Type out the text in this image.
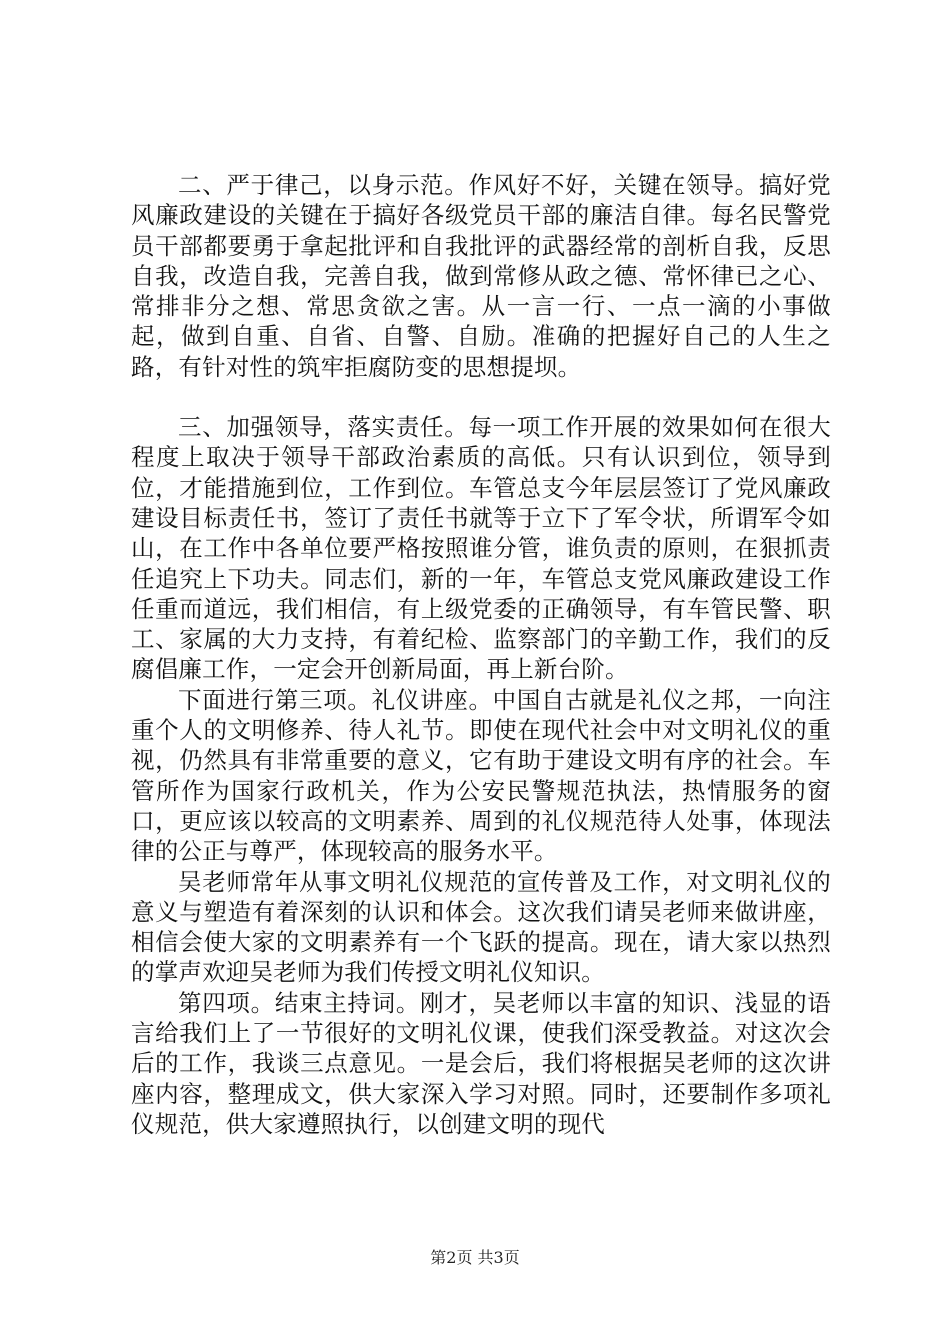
二、严于律己，以身示范。作风好不好，关键在领导。搞好党风廉政建设的关键在于搞好各级党员干部的廉洁自律。每名民警党员干部都要勇于拿起批评和自我批评的武器经常的剖析自我，反思自我，改造自我，完善自我，做到常修从政之德、常怀律已之心、常排非分之想、常思贪欲之害。从一言一行、一点一滴的小事做起，做到自重、自省、自警、自励。准确的把握好自己的人生之路，有针对性的筑牢拒腐防变的思想提坝。

三、加强领导，落实责任。每一项工作开展的效果如何在很大程度上取决于领导干部政治素质的高低。只有认识到位，领导到位，才能措施到位，工作到位。车管总支今年层层签订了党风廉政建设目标责任书，签订了责任书就等于立下了军令状，所谓军令如山，在工作中各单位要严格按照谁分管，谁负责的原则，在狠抓责任追究上下功夫。同志们，新的一年，车管总支党风廉政建设工作任重而道远，我们相信，有上级党委的正确领导，有车管民警、职工、家属的大力支持，有着纪检、监察部门的辛勤工作，我们的反腐倡廉工作，一定会开创新局面，再上新台阶。

下面进行第三项。礼仪讲座。中国自古就是礼仪之邦，一向注重个人的文明修养、待人礼节。即使在现代社会中对文明礼仪的重视，仍然具有非常重要的意义，它有助于建设文明有序的社会。车管所作为国家行政机关，作为公安民警规范执法，热情服务的窗口，更应该以较高的文明素养、周到的礼仪规范待人处事，体现法律的公正与尊严，体现较高的服务水平。

吴老师常年从事文明礼仪规范的宣传普及工作，对文明礼仪的意义与塑造有着深刻的认识和体会。这次我们请吴老师来做讲座，相信会使大家的文明素养有一个飞跃的提高。现在，请大家以热烈的掌声欢迎吴老师为我们传授文明礼仪知识。

第四项。结束主持词。刚才，吴老师以丰富的知识、浅显的语言给我们上了一节很好的文明礼仪课，使我们深受教益。对这次会后的工作，我谈三点意见。一是会后，我们将根据吴老师的这次讲座内容，整理成文，供大家深入学习对照。同时，还要制作多项礼仪规范，供大家遵照执行，以创建文明的现代

第2页 共3页
